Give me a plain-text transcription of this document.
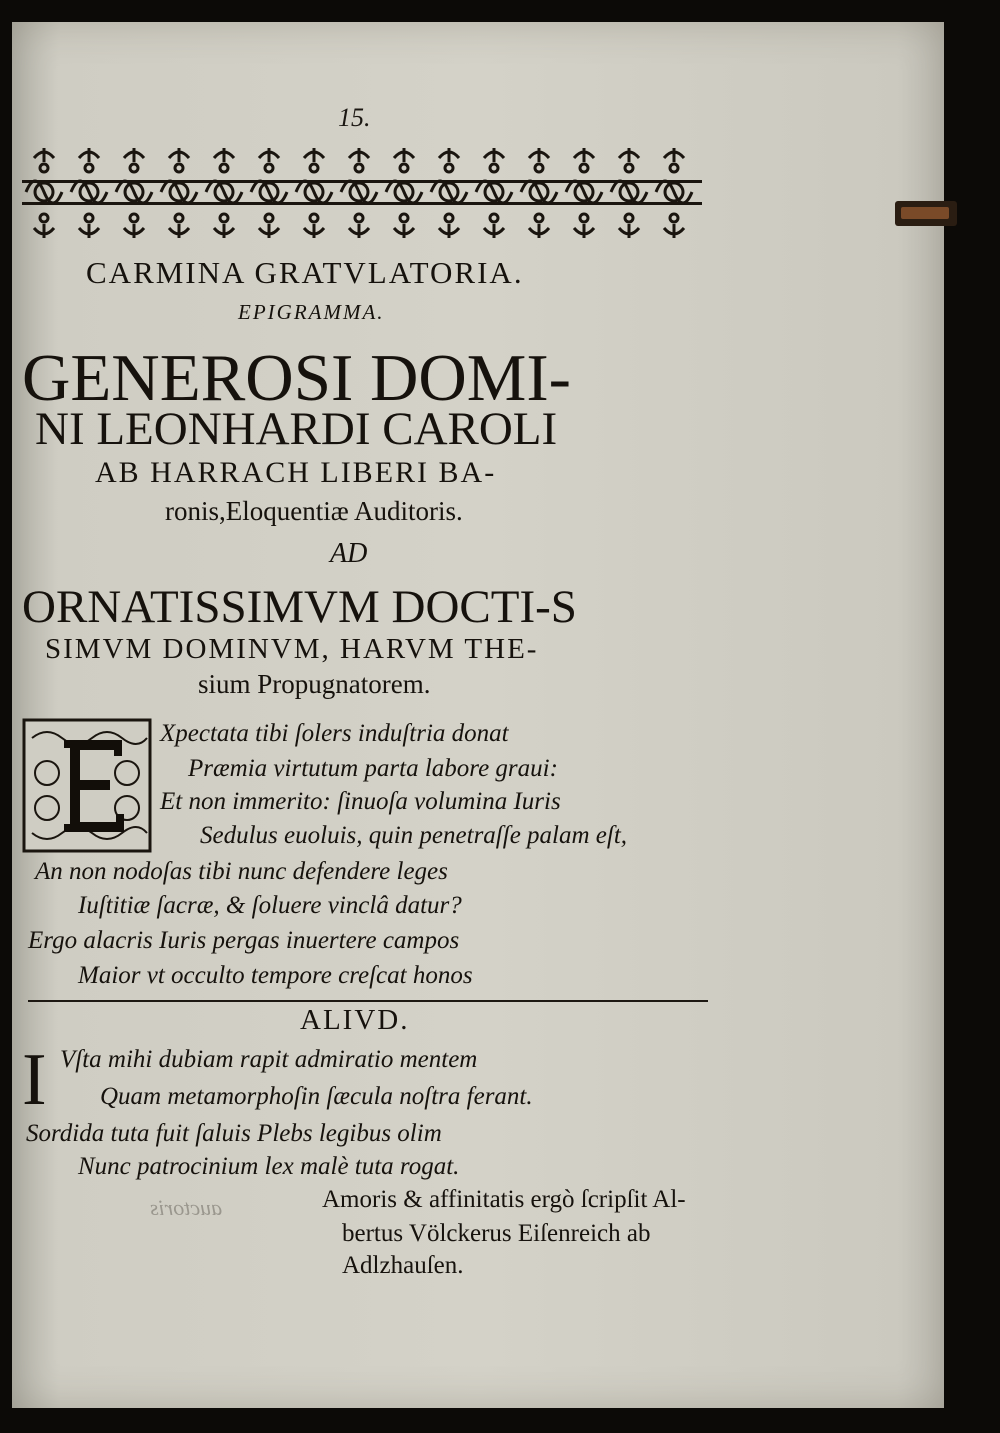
15.
CARMINA GRATVLATORIA.
EPIGRAMMA.
GENEROSI DOMI-
NI LEONHARDI CAROLI
AB HARRACH LIBERI BA-
ronis,Eloquentiæ Auditoris.
AD
ORNATISSIMVM DOCTI-S
SIMVM DOMINVM, HARVM THE-
sium Propugnatorem.
Xpectata tibi ſolers induſtria donat
Præmia virtutum parta labore graui:
Et non immerito: ſinuoſa volumina Iuris
Sedulus euoluis, quin penetraſſe palam eſt,
An non nodoſas tibi nunc defendere leges
Iuſtitiæ ſacræ, & ſoluere vinclâ datur?
Ergo alacris Iuris pergas inuertere campos
Maior vt occulto tempore creſcat honos
ALIVD.
I Vſta mihi dubiam rapit admiratio mentem
Quam metamorphoſin ſæcula noſtra ferant.
Sordida tuta fuit ſaluis Plebs legibus olim
Nunc patrocinium lex malè tuta rogat.
auctoris	Amoris & affinitatis ergò ſcripſit Al-
bertus Völckerus Eiſenreich ab
Adlzhauſen.
